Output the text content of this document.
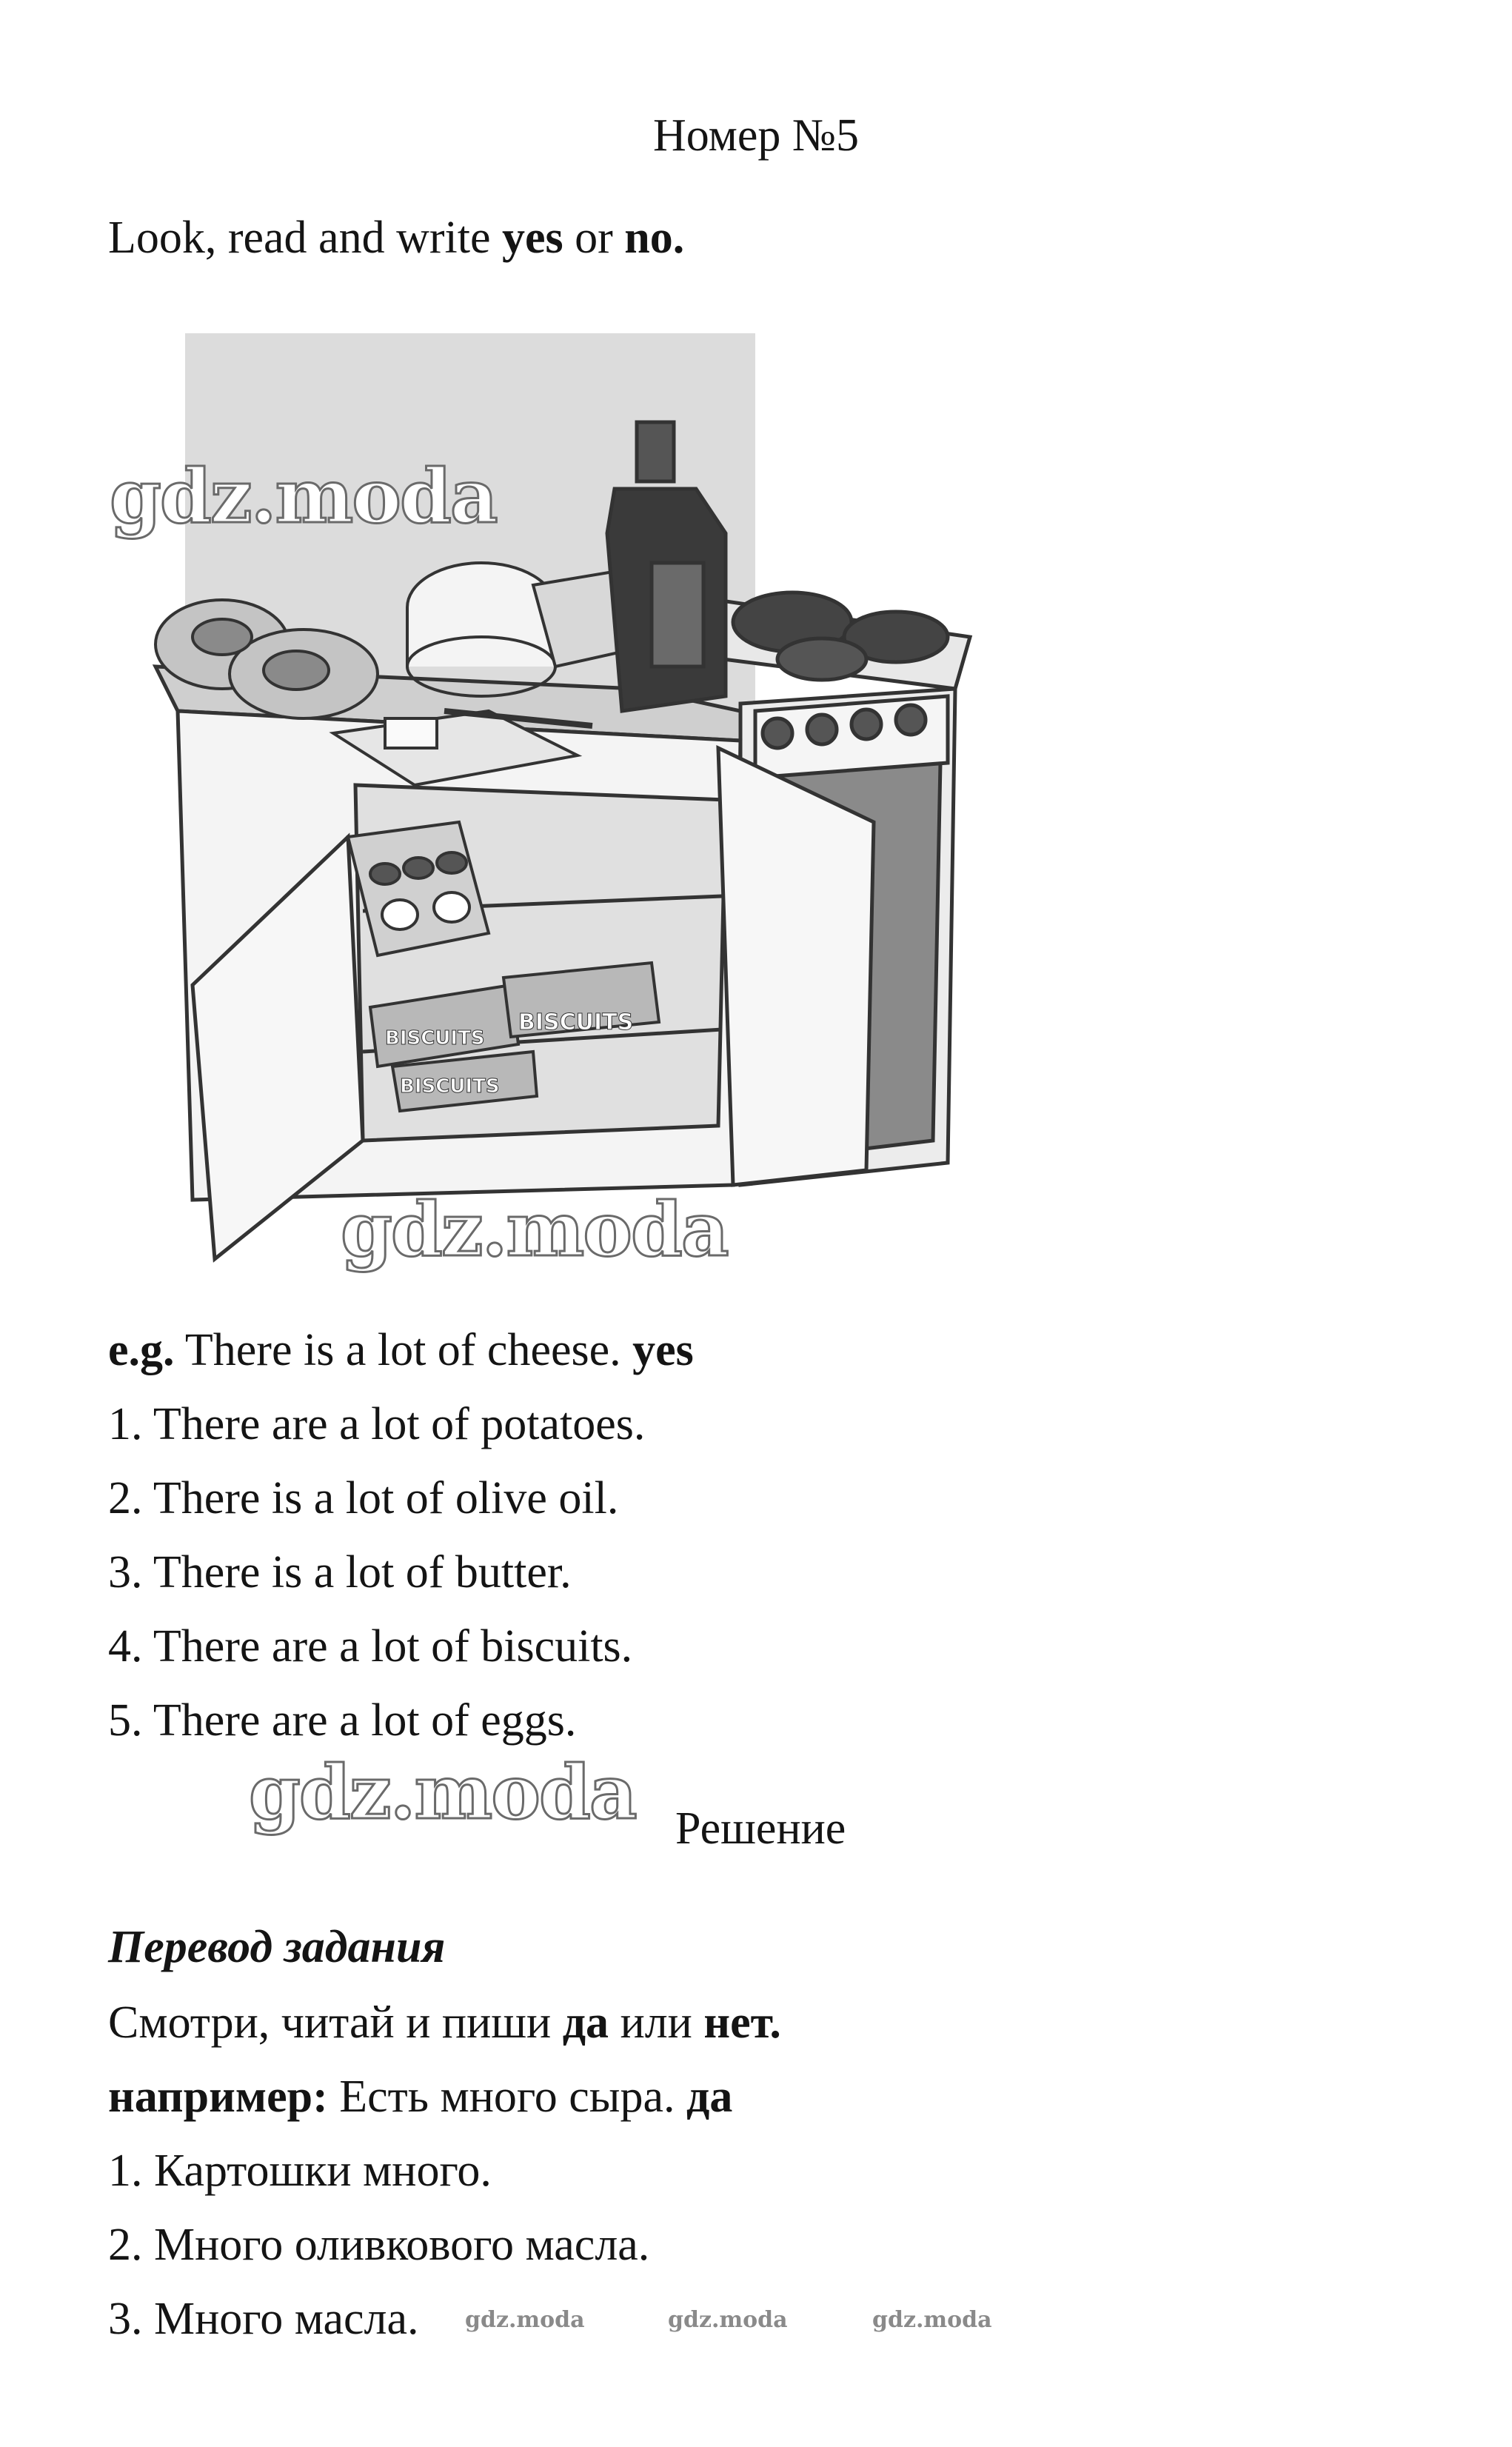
Номер №5
Look, read and write yes or no.
BISCUITS
BISCUITS
BISCUITS
gdz.moda
gdz.moda
e.g. There is a lot of cheese. yes
1. There are a lot of potatoes.
2. There is a lot of olive oil.
3. There is a lot of butter.
4. There are a lot of biscuits.
5. There are a lot of eggs.
gdz.moda Решение
Перевод задания
Смотри, читай и пиши да или нет.
например: Есть много сыра. да
1. Картошки много.
2. Много оливкового масла.
3. Много масла. gdz.moda	gdz.moda	gdz.moda
